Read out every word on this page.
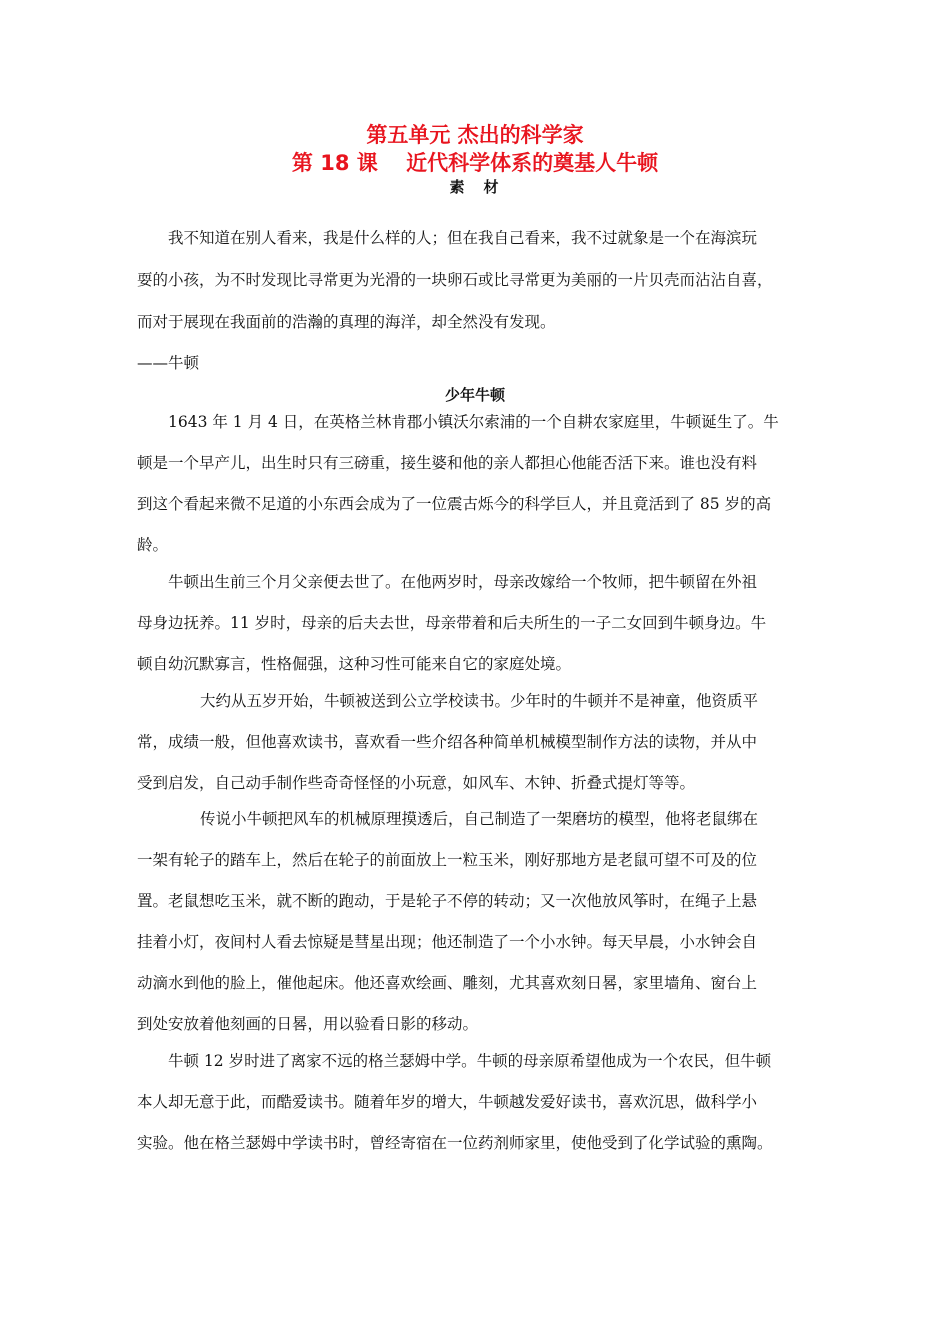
第五单元 杰出的科学家
第 18 课　 近代科学体系的奠基人牛顿
素　材
我不知道在别人看来，我是什么样的人；但在我自己看来，我不过就象是一个在海滨玩
耍的小孩，为不时发现比寻常更为光滑的一块卵石或比寻常更为美丽的一片贝壳而沾沾自喜，
而对于展现在我面前的浩瀚的真理的海洋，却全然没有发现。
——牛顿
少年牛顿
1643 年 1 月 4 日，在英格兰林肯郡小镇沃尔索浦的一个自耕农家庭里，牛顿诞生了。牛
顿是一个早产儿，出生时只有三磅重，接生婆和他的亲人都担心他能否活下来。谁也没有料
到这个看起来微不足道的小东西会成为了一位震古烁今的科学巨人，并且竟活到了 85 岁的高
龄。
牛顿出生前三个月父亲便去世了。在他两岁时，母亲改嫁给一个牧师，把牛顿留在外祖
母身边抚养。11 岁时，母亲的后夫去世，母亲带着和后夫所生的一子二女回到牛顿身边。牛
顿自幼沉默寡言，性格倔强，这种习性可能来自它的家庭处境。
大约从五岁开始，牛顿被送到公立学校读书。少年时的牛顿并不是神童，他资质平
常，成绩一般，但他喜欢读书，喜欢看一些介绍各种简单机械模型制作方法的读物，并从中
受到启发，自己动手制作些奇奇怪怪的小玩意，如风车、木钟、折叠式提灯等等。
传说小牛顿把风车的机械原理摸透后，自己制造了一架磨坊的模型，他将老鼠绑在
一架有轮子的踏车上，然后在轮子的前面放上一粒玉米，刚好那地方是老鼠可望不可及的位
置。老鼠想吃玉米，就不断的跑动，于是轮子不停的转动；又一次他放风筝时，在绳子上悬
挂着小灯，夜间村人看去惊疑是彗星出现；他还制造了一个小水钟。每天早晨，小水钟会自
动滴水到他的脸上，催他起床。他还喜欢绘画、雕刻，尤其喜欢刻日晷，家里墙角、窗台上
到处安放着他刻画的日晷，用以验看日影的移动。
牛顿 12 岁时进了离家不远的格兰瑟姆中学。牛顿的母亲原希望他成为一个农民，但牛顿
本人却无意于此，而酷爱读书。随着年岁的增大，牛顿越发爱好读书，喜欢沉思，做科学小
实验。他在格兰瑟姆中学读书时，曾经寄宿在一位药剂师家里，使他受到了化学试验的熏陶。
